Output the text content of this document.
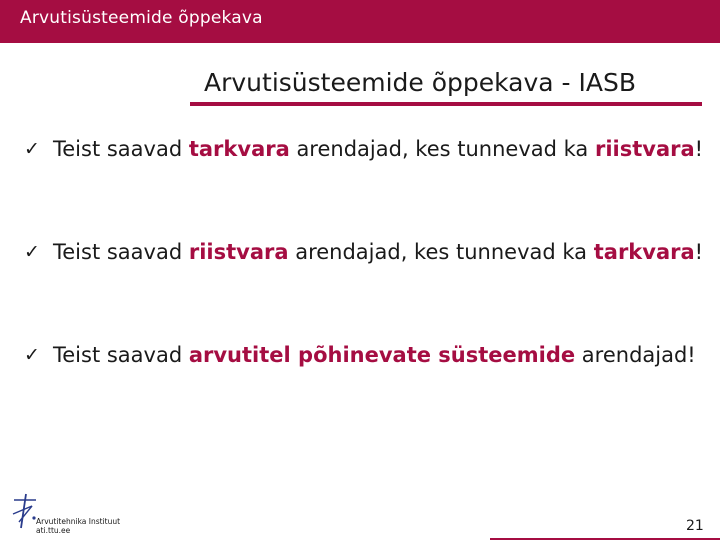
Arvutisüsteemide õppekava
Arvutisüsteemide õppekava - IASB
✓ Teist saavad tarkvara arendajad, kes tunnevad ka riistvara!
✓ Teist saavad riistvara arendajad, kes tunnevad ka tarkvara!
✓ Teist saavad arvutitel põhinevate süsteemide arendajad!
Arvutitehnika Instituut
ati.ttu.ee	21
